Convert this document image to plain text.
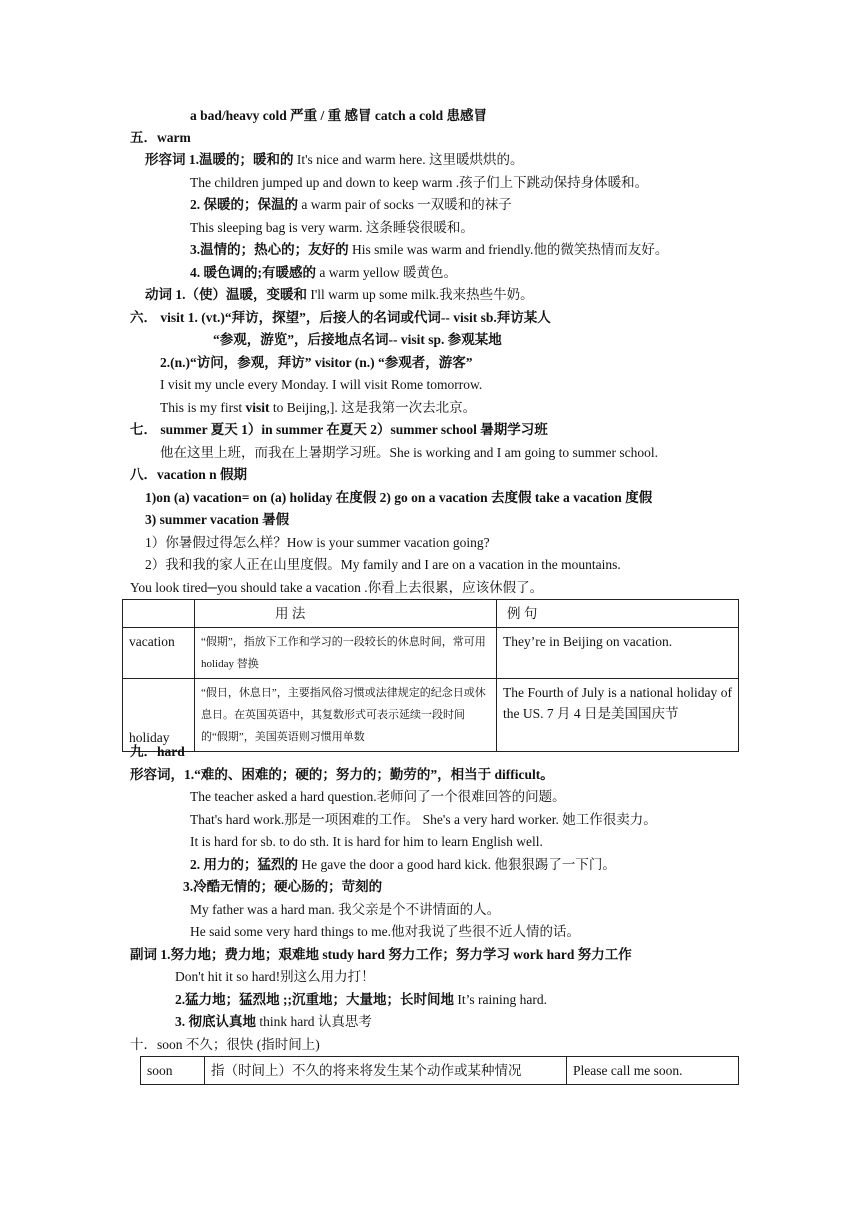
a bad/heavy cold 严重 / 重 感冒 catch a cold 患感冒
五．warm
形容词 1.温暖的；暖和的 It's nice and warm here. 这里暖烘烘的。
The children jumped up and down to keep warm .孩子们上下跳动保持身体暖和。
2. 保暖的；保温的 a warm pair of socks 一双暖和的袜子
This sleeping bag is very warm. 这条睡袋很暖和。
3.温情的；热心的；友好的 His smile was warm and friendly.他的微笑热情而友好。
4. 暖色调的;有暖感的 a warm yellow 暖黄色。
动词 1.（使）温暖，变暖和 I'll warm up some milk.我来热些牛奶。
六． visit 1. (vt.)“拜访，探望”，后接人的名词或代词-- visit sb.拜访某人
“参观，游览”，后接地点名词-- visit sp. 参观某地
2.(n.)“访问，参观，拜访” visitor (n.) “参观者，游客”
I visit my uncle every Monday. I will visit Rome tomorrow.
This is my first visit to Beijing,]. 这是我第一次去北京。
七． summer 夏天 1）in summer 在夏天 2）summer school 暑期学习班
他在这里上班，而我在上暑期学习班。She is working and I am going to summer school.
八．vacation n 假期
1)on (a) vacation= on (a) holiday 在度假 2) go on a vacation 去度假 take a vacation 度假
3) summer vacation 暑假
1）你暑假过得怎么样？How is your summer vacation going?
2）我和我的家人正在山里度假。My family and I are on a vacation in the mountains.
You look tired─you should take a vacation .你看上去很累，应该休假了。
	用 法	例 句
vacation	“假期”，指放下工作和学习的一段较长的休息时间，常可用 holiday 替换	They’re in Beijing on vacation.
holiday	“假日，休息日”，主要指风俗习惯或法律规定的纪念日或休息日。在英国英语中，其复数形式可表示延续一段时间的“假期”，美国英语则习惯用单数	The Fourth of July is a national holiday of the US. 7 月 4 日是美国国庆节
九．hard
形容词，1.“难的、困难的；硬的；努力的；勤劳的”，相当于 difficult。
The teacher asked a hard question.老师问了一个很难回答的问题。
That's hard work.那是一项困难的工作。 She's a very hard worker. 她工作很卖力。
It is hard for sb. to do sth. It is hard for him to learn English well.
2. 用力的；猛烈的 He gave the door a good hard kick. 他狠狠踢了一下门。
3.冷酷无情的；硬心肠的；苛刻的
My father was a hard man. 我父亲是个不讲情面的人。
He said some very hard things to me.他对我说了些很不近人情的话。
副词 1.努力地；费力地；艰难地 study hard 努力工作；努力学习 work hard 努力工作
Don't hit it so hard!别这么用力打！
2.猛力地；猛烈地 ;;沉重地；大量地；长时间地 It’s raining hard.
3. 彻底认真地 think hard 认真思考
十．soon 不久；很快 (指时间上)
soon	指（时间上）不久的将来将发生某个动作或某种情况	Please call me soon.
